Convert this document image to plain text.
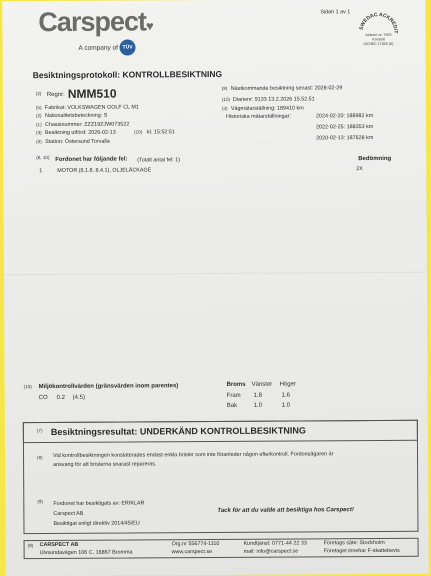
Sidan 1 av 1
Carspect♥
A company of TÜV
SWEDAC ACKREDITERING
Ackred. nr. 7953
Kontroll
ISO/IEC 17020 (A)
Besiktningsprotokoll: KONTROLLBESIKTNING
(2) Regnr: NMM510
(5) Fabrikat: VOLKSWAGEN GOLF CL M1
(2) Nationalitetsbeteckning: S
(1) Chassinummer: ZZZ19ZJW073522
(3) Besiktning utförd: 2026-02-13	(10) kl. 15:52:51
(3) Station: Östersund Torvalla
(8) Nästkommande besiktning senast: 2028-02-29
(10) Diarienr: 9133 13.2.2026 15.52.51
(4) Vägmätarställning: 189410 km
Historiska mätarställningar:	2024-02-20: 188982 km
2022-02-25: 188353 km
2020-02-13: 187628 km
(6, 10) Fordonet har följande fel: (Totalt antal fel: 1)	Bedömning
1	MOTOR (6.1.8, 8.4.1), OLJELÄCKAGE	2X
(10) Miljökontrollvärden (gränsvärden inom parentes)
CO 0.2 (4.5)
Broms Vänster Höger
Fram 1.8	1.6
Bak	1.0	1.0
(7) Besiktningsresultat: UNDERKÄND KONTROLLBESIKTNING
(8) Vid kontrollbesiktningen konstaterades endast enkla brister som inte föranleder någon efterkontroll. Fordonsägaren är
ansvarig för att bristerna snarast repareras.
(9) Fordonet har besiktigats av: ERIKLAR
Carspect AB
Besiktigat enligt direktiv 2014/45/EU
Tack för att du valde att besiktiga hos Carspect!
(9) CARSPECT AB
Ulvsundavägen 106 C, 16867 Bromma
Org.nr 556774-1110
www.carspect.se
Kundtjänst: 0771-44 22 33
mail: info@carspect.se
Företags säte: Stockholm
Företaget innehar F-skattebevis
